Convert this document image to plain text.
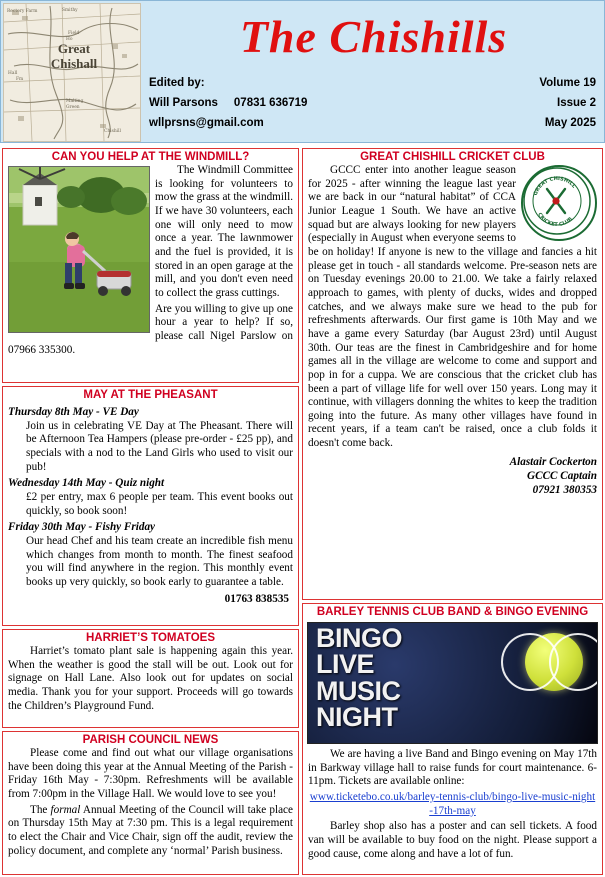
Rectory Farm	Smithy
Field
Ho
Hall
Fm
Malting
Green
Chishill
Great
Chishall
The Chishills
Edited by:
Will Parsons 07831 636719
wllprsns@gmail.com
Volume 19
Issue 2
May 2025
CAN YOU HELP AT THE WINDMILL?

The Windmill Committee is looking for volunteers to mow the grass at the windmill. If we have 30 volunteers, each one will only need to mow once a year. The lawnmower and the fuel is provided, it is stored in an open garage at the mill, and you don't even need to collect the grass cuttings.

Are you willing to give up one hour a year to help? If so, please call Nigel Parslow on 07966 335300.

GREAT CHISHILL CRICKET CLUB
GREAT CHISHILL
CRICKET CLUB

GCCC enter into another league season for 2025 - after winning the league last year we are back in our “natural habitat” of CCA Junior League 1 South. We have an active squad but are always looking for new players (especially in August when everyone seems to be on holiday! If anyone is new to the village and fancies a hit please get in touch - all standards welcome. Pre-season nets are on Tuesday evenings 20.00 to 21.00. We take a fairly relaxed approach to games, with plenty of ducks, wides and dropped catches, and we always make sure we head to the pub for refreshments afterwards. Our first game is 10th May and we have a game every Saturday (bar August 23rd) until August 30th. Our teas are the finest in Cambridgeshire and for home games all in the village are welcome to come and support and pop in for a cuppa. We are conscious that the cricket club has been a part of village life for well over 150 years. Long may it continue, with villagers donning the whites to keep the tradition going into the future. As many other villages have found in recent years, if a team can't be raised, once a club folds it doesn't come back.

Alastair Cockerton
GCCC Captain
07921 380353
MAY AT THE PHEASANT
Thursday 8th May - VE Day
Join us in celebrating VE Day at The Pheasant. There will be Afternoon Tea Hampers (please pre-order - £25 pp), and specials with a nod to the Land Girls who used to visit our pub!
Wednesday 14th May - Quiz night
£2 per entry, max 6 people per team. This event books out quickly, so book soon!
Friday 30th May - Fishy Friday
Our head Chef and his team create an incredible fish menu which changes from month to month. The finest seafood you will find anywhere in the region. This monthly event books up very quickly, so book early to guarantee a table.
01763 838535
HARRIET’S TOMATOES

Harriet’s tomato plant sale is happening again this year. When the weather is good the stall will be out. Look out for signage on Hall Lane. Also look out for updates on social media. Thank you for your support. Proceeds will go towards the Children’s Playground Fund.

PARISH COUNCIL NEWS

Please come and find out what our village organisations have been doing this year at the Annual Meeting of the Parish - Friday 16th May - 7:30pm. Refreshments will be available from 7:00pm in the Village Hall. We would love to see you!

The formal Annual Meeting of the Council will take place on Thursday 15th May at 7:30 pm. This is a legal requirement to elect the Chair and Vice Chair, sign off the audit, review the policy document, and complete any ‘normal’ Parish business.

BARLEY TENNIS CLUB BAND & BINGO EVENING
BINGO
LIVE
MUSIC
NIGHT

We are having a live Band and Bingo evening on May 17th in Barkway village hall to raise funds for court maintenance. 6-11pm. Tickets are available online:

www.ticketebo.co.uk/barley-tennis-club/bingo-live-music-night-17th-may

Barley shop also has a poster and can sell tickets. A food van will be available to buy food on the night. Please support a good cause, come along and have a lot of fun.
